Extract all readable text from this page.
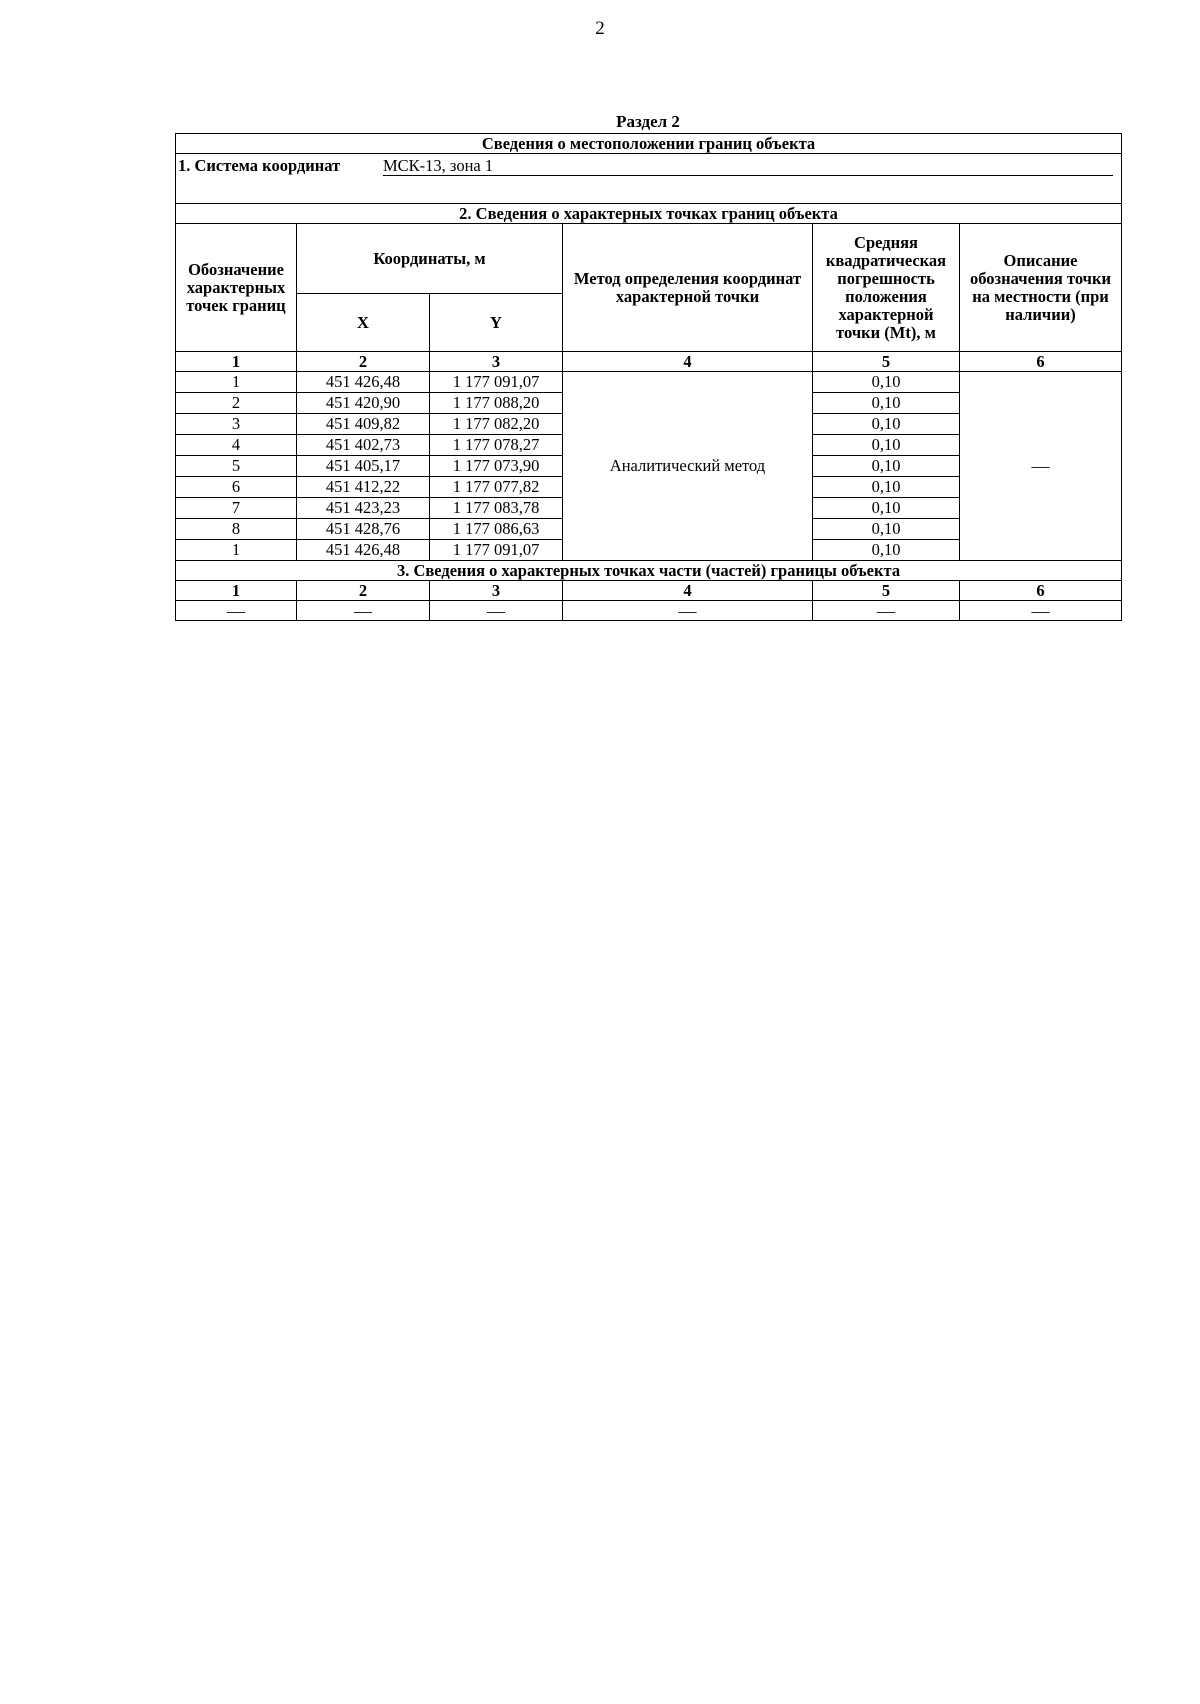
2
Раздел 2
Сведения о местоположении границ объекта					
1. Система координат МСК-13, зона 1					
2. Сведения о характерных точках границ объекта					
Обозначение характерных точек границ	Координаты, м		Метод определения координат характерной точки	Средняя квадратическая погрешность положения характерной точки (Mt), м	Описание обозначения точки на местности (при наличии)
	X	Y			
1	2	3	4	5	6
1	451 426,48	1 177 091,07	Аналитический метод	0,10	—
2	451 420,90	1 177 088,20		0,10	
3	451 409,82	1 177 082,20		0,10	
4	451 402,73	1 177 078,27		0,10	
5	451 405,17	1 177 073,90		0,10	
6	451 412,22	1 177 077,82		0,10	
7	451 423,23	1 177 083,78		0,10	
8	451 428,76	1 177 086,63		0,10	
1	451 426,48	1 177 091,07		0,10	
3. Сведения о характерных точках части (частей) границы объекта					
1	2	3	4	5	6
—	—	—	—	—	—
